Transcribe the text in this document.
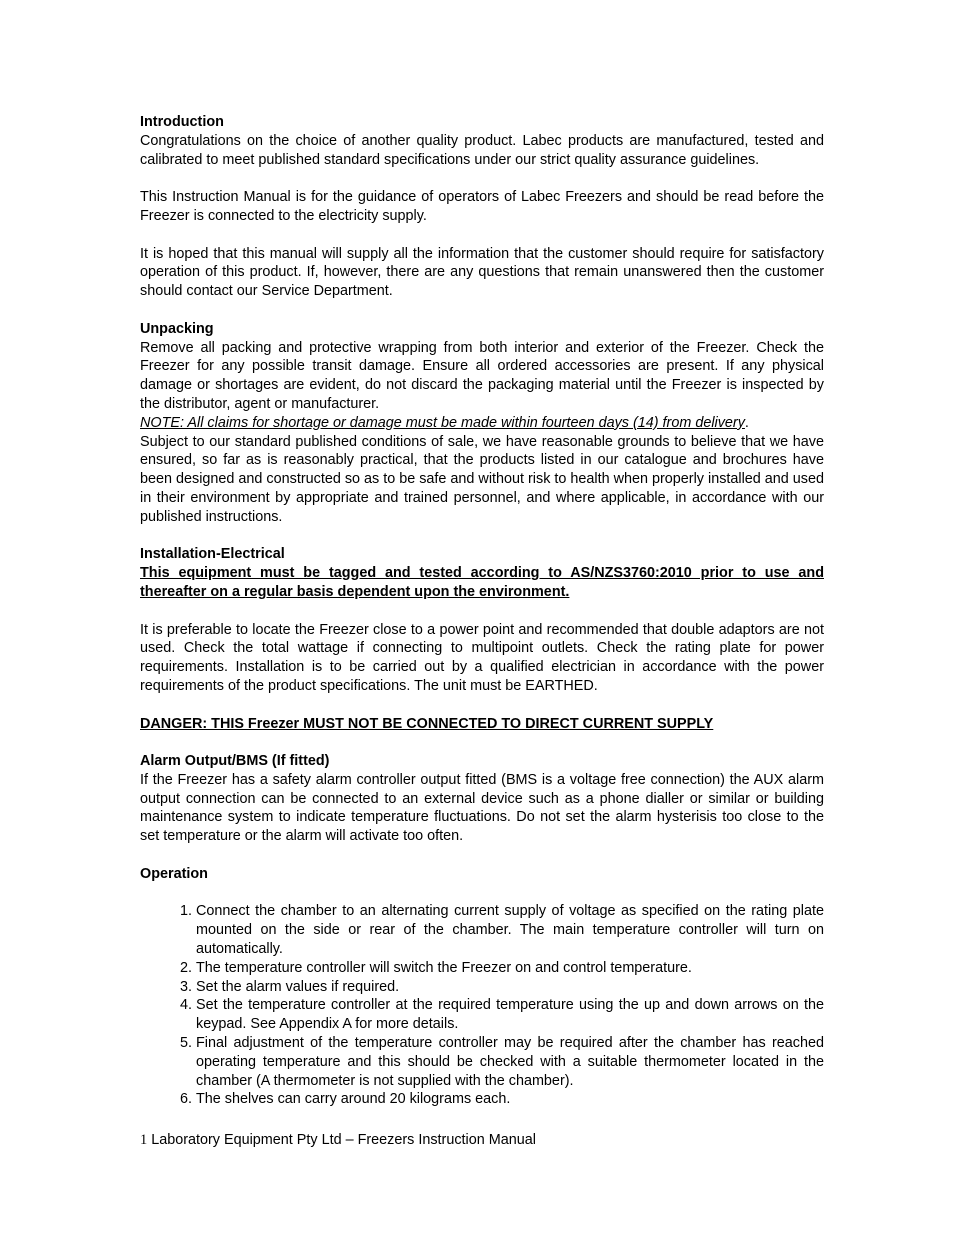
Introduction

Congratulations on the choice of another quality product. Labec products are manufactured, tested and calibrated to meet published standard specifications under our strict quality assurance guidelines.

This Instruction Manual is for the guidance of operators of Labec Freezers and should be read before the Freezer is connected to the electricity supply.

It is hoped that this manual will supply all the information that the customer should require for satisfactory operation of this product. If, however, there are any questions that remain unanswered then the customer should contact our Service Department.

Unpacking

Remove all packing and protective wrapping from both interior and exterior of the Freezer. Check the Freezer for any possible transit damage. Ensure all ordered accessories are present. If any physical damage or shortages are evident, do not discard the packaging material until the Freezer is inspected by the distributor, agent or manufacturer.

NOTE: All claims for shortage or damage must be made within fourteen days (14) from delivery.

Subject to our standard published conditions of sale, we have reasonable grounds to believe that we have ensured, so far as is reasonably practical, that the products listed in our catalogue and brochures have been designed and constructed so as to be safe and without risk to health when properly installed and used in their environment by appropriate and trained personnel, and where applicable, in accordance with our published instructions.

Installation-Electrical

This equipment must be tagged and tested according to AS/NZS3760:2010 prior to use and thereafter on a regular basis dependent upon the environment.

It is preferable to locate the Freezer close to a power point and recommended that double adaptors are not used. Check the total wattage if connecting to multipoint outlets. Check the rating plate for power requirements. Installation is to be carried out by a qualified electrician in accordance with the power requirements of the product specifications. The unit must be EARTHED.

DANGER: THIS Freezer MUST NOT BE CONNECTED TO DIRECT CURRENT SUPPLY

Alarm Output/BMS (If fitted)

If the Freezer has a safety alarm controller output fitted (BMS is a voltage free connection) the AUX alarm output connection can be connected to an external device such as a phone dialler or similar or building maintenance system to indicate temperature fluctuations. Do not set the alarm hysterisis too close to the set temperature or the alarm will activate too often.

Operation
1. Connect the chamber to an alternating current supply of voltage as specified on the rating plate mounted on the side or rear of the chamber. The main temperature controller will turn on automatically.
2. The temperature controller will switch the Freezer on and control temperature.
3. Set the alarm values if required.
4. Set the temperature controller at the required temperature using the up and down arrows on the keypad. See Appendix A for more details.
5. Final adjustment of the temperature controller may be required after the chamber has reached operating temperature and this should be checked with a suitable thermometer located in the chamber (A thermometer is not supplied with the chamber).
6. The shelves can carry around 20 kilograms each.
1 Laboratory Equipment Pty Ltd – Freezers Instruction Manual
